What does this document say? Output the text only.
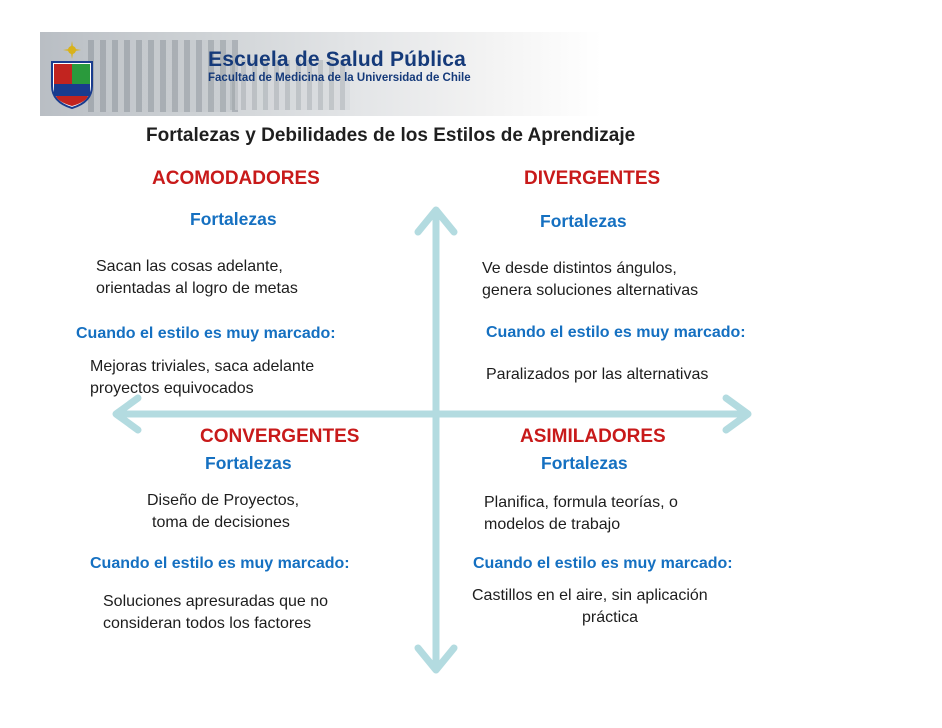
Escuela de Salud Pública
Facultad de Medicina de la Universidad de Chile
Fortalezas y Debilidades de los Estilos de Aprendizaje
ACOMODADORES
Fortalezas
Sacan las cosas adelante,
orientadas al logro de metas
Cuando el estilo es muy marcado:
Mejoras triviales, saca adelante
proyectos equivocados
DIVERGENTES
Fortalezas
Ve desde distintos ángulos,
genera soluciones alternativas
Cuando el estilo es muy marcado:
Paralizados por las alternativas
CONVERGENTES
Fortalezas
Diseño de Proyectos,
toma de decisiones
Cuando el estilo es muy marcado:
Soluciones apresuradas que no
consideran todos los factores
ASIMILADORES
Fortalezas
Planifica, formula teorías, o
modelos de trabajo
Cuando el estilo es muy marcado:
Castillos en el aire, sin aplicación
práctica
